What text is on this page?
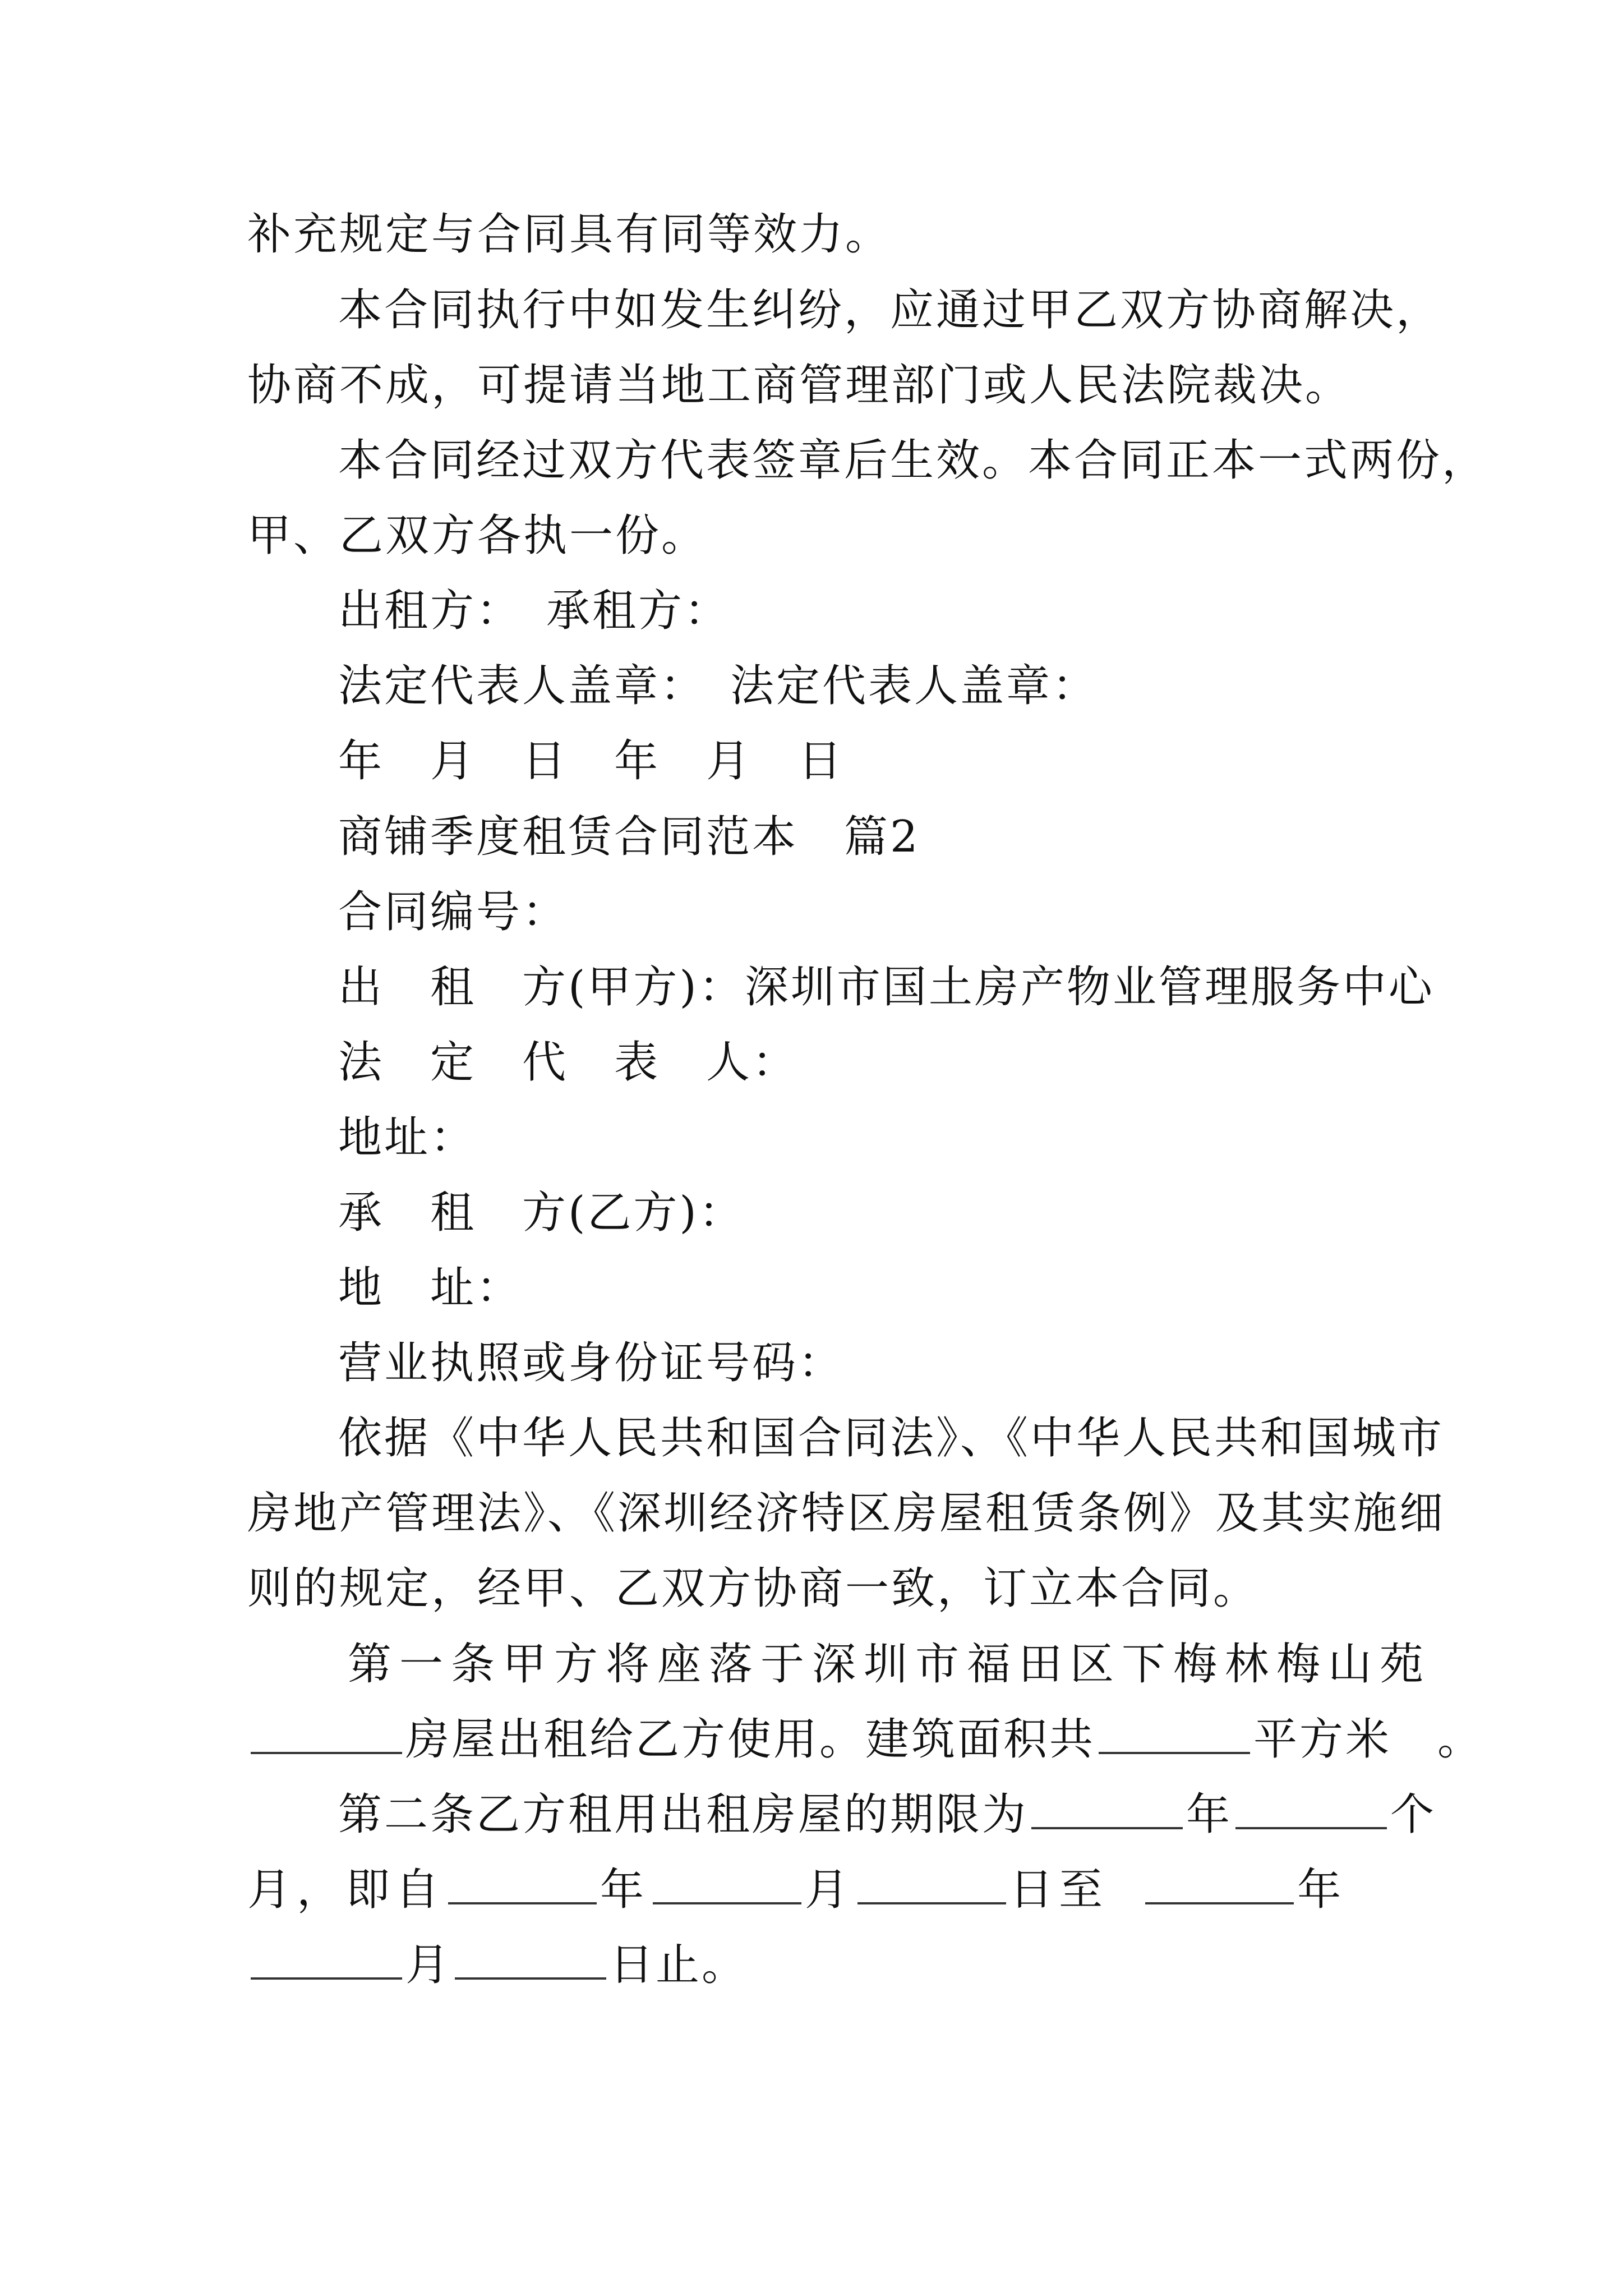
补充规定与合同具有同等效力。
本合同执行中如发生纠纷，应通过甲乙双方协商解决，
协商不成，可提请当地工商管理部门或人民法院裁决。
本合同经过双方代表签章后生效。本合同正本一式两份，
甲、乙双方各执一份。
出租方：　承租方：
法定代表人盖章：　法定代表人盖章：
年　月　日　年　月　日
商铺季度租赁合同范本　篇2
合同编号：
出　租　方(甲方)：深圳市国土房产物业管理服务中心
法　定　代　表　人：
地址：
承　租　方(乙方)：
地　址：
营业执照或身份证号码：
依据《中华人民共和国合同法》、《中华人民共和国城市
房地产管理法》、《深圳经济特区房屋租赁条例》及其实施细
则的规定，经甲、乙双方协商一致，订立本合同。
第一条甲方将座落于深圳市福田区下梅林梅山苑
房屋出租给乙方使用。建筑面积共	平方米　。
第二条乙方租用出租房屋的期限为	年	个
月，即自	年	月	日至	年
月	日止。
